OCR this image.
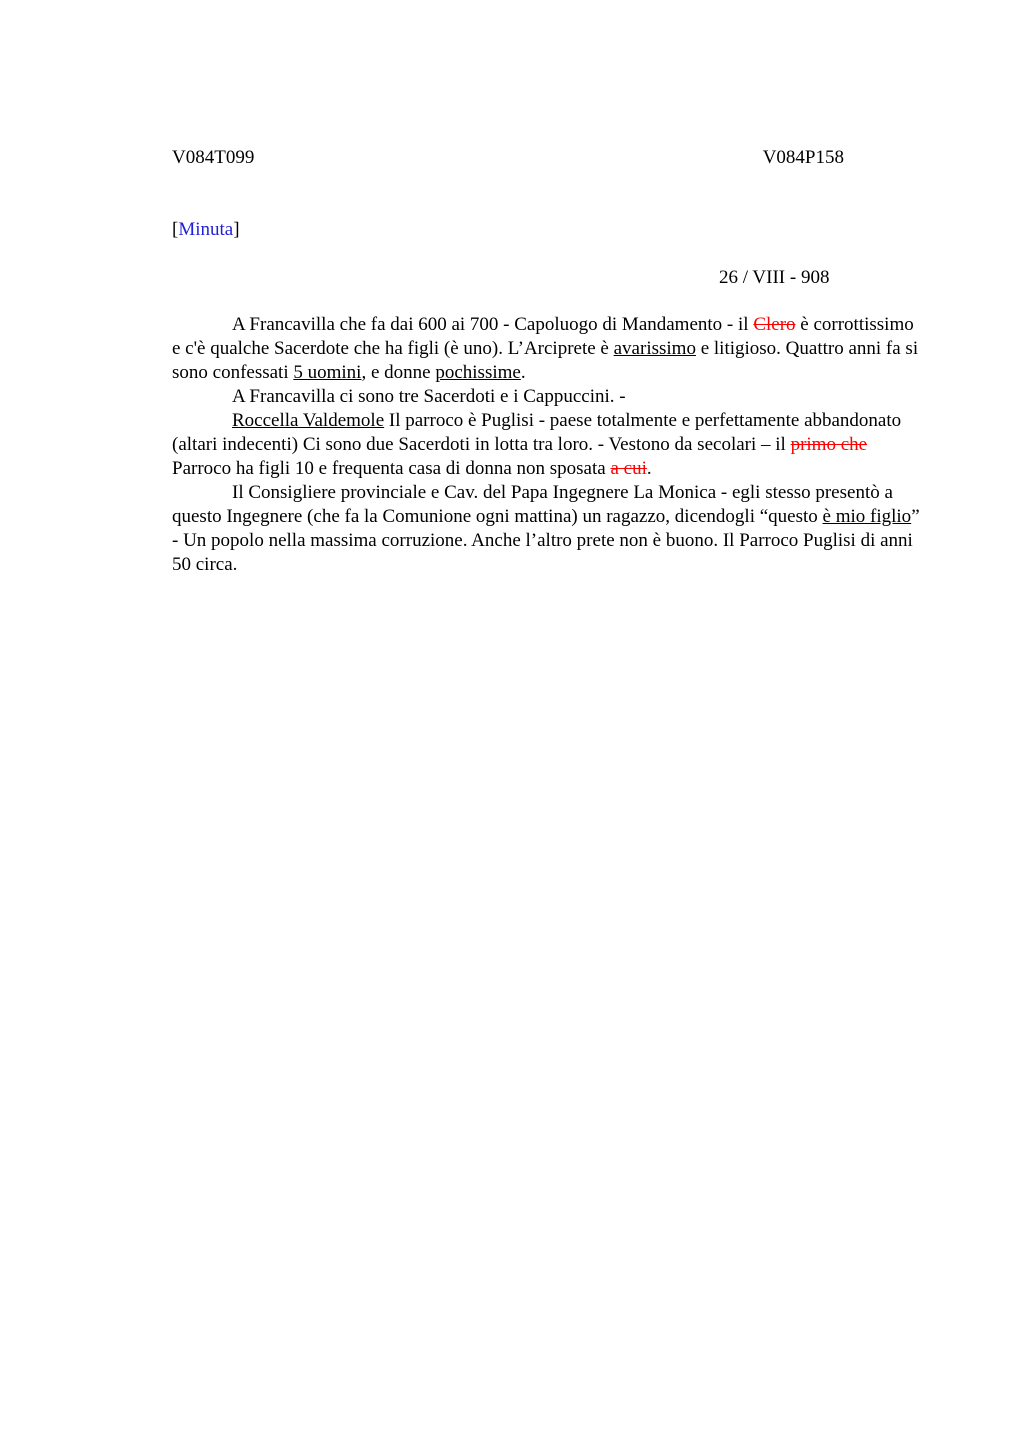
V084T099	V084P158
[Minuta]
26 / VIII - 908

A Francavilla che fa dai 600 ai 700 - Capoluogo di Mandamento - il Clero è corrottissimo e c'è qualche Sacerdote che ha figli (è uno). L’Arciprete è avarissimo e litigioso. Quattro anni fa si sono confessati 5 uomini, e donne pochissime.

A Francavilla ci sono tre Sacerdoti e i Cappuccini. -

Roccella Valdemole Il parroco è Puglisi - paese totalmente e perfettamente abbandonato (altari indecenti) Ci sono due Sacerdoti in lotta tra loro. - Vestono da secolari – il primo che Parroco ha figli 10 e frequenta casa di donna non sposata a cui.

Il Consigliere provinciale e Cav. del Papa Ingegnere La Monica - egli stesso presentò a questo Ingegnere (che fa la Comunione ogni mattina) un ragazzo, dicendogli “questo è mio figlio” - Un popolo nella massima corruzione. Anche l’altro prete non è buono. Il Parroco Puglisi di anni 50 circa.
